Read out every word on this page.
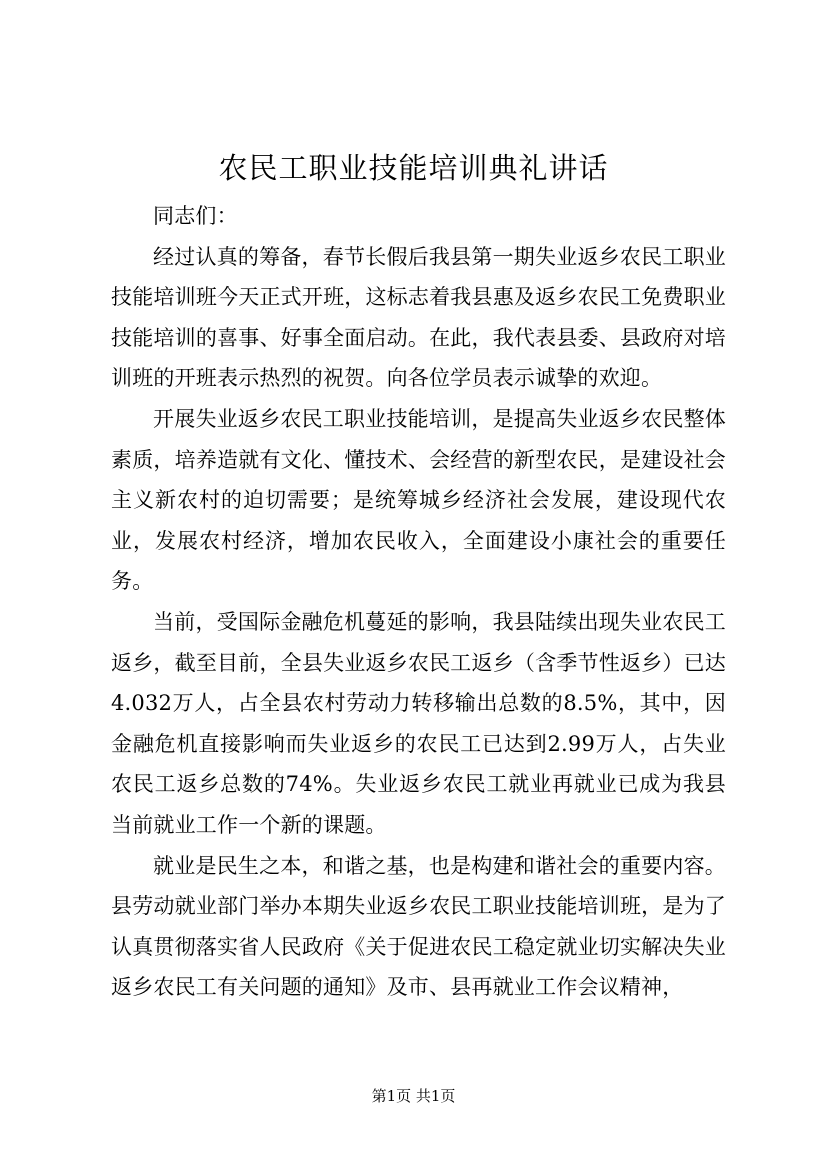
农民工职业技能培训典礼讲话

同志们：

经过认真的筹备，春节长假后我县第一期失业返乡农民工职业技能培训班今天正式开班，这标志着我县惠及返乡农民工免费职业技能培训的喜事、好事全面启动。在此，我代表县委、县政府对培训班的开班表示热烈的祝贺。向各位学员表示诚挚的欢迎。

开展失业返乡农民工职业技能培训，是提高失业返乡农民整体素质，培养造就有文化、懂技术、会经营的新型农民，是建设社会主义新农村的迫切需要；是统筹城乡经济社会发展，建设现代农业，发展农村经济，增加农民收入，全面建设小康社会的重要任务。

当前，受国际金融危机蔓延的影响，我县陆续出现失业农民工返乡，截至目前，全县失业返乡农民工返乡（含季节性返乡）已达4.032万人，占全县农村劳动力转移输出总数的8.5%，其中，因金融危机直接影响而失业返乡的农民工已达到2.99万人，占失业农民工返乡总数的74%。失业返乡农民工就业再就业已成为我县当前就业工作一个新的课题。

就业是民生之本，和谐之基，也是构建和谐社会的重要内容。县劳动就业部门举办本期失业返乡农民工职业技能培训班，是为了认真贯彻落实省人民政府《关于促进农民工稳定就业切实解决失业返乡农民工有关问题的通知》及市、县再就业工作会议精神，

第1页 共1页
